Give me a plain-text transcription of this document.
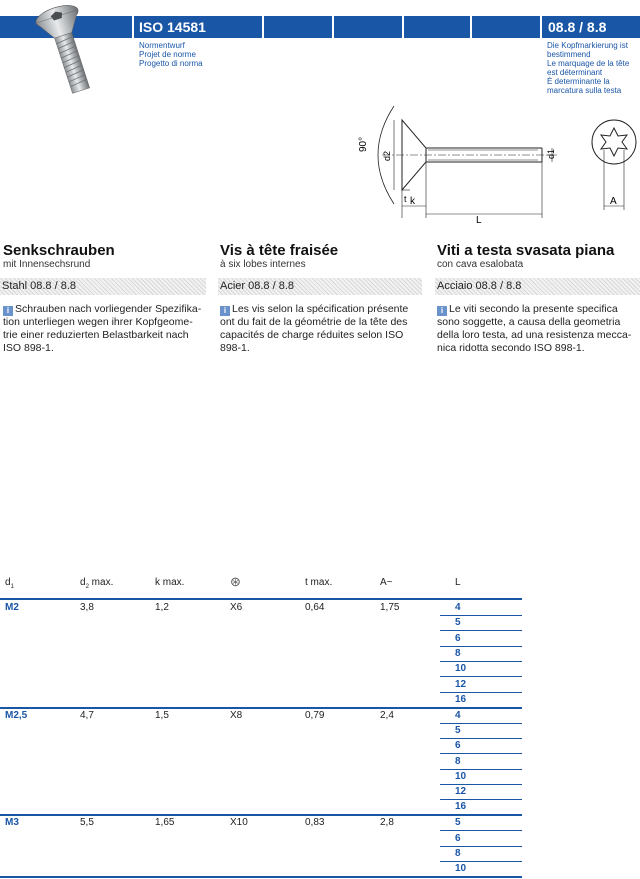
ISO 14581	08.8 / 8.8
Normentwurf
Projet de norme
Progetto di norma
Die Kopfmarkierung ist
bestimmend
Le marquage de la tête
est déterminant
È determinante la
marcatura sulla testa
90°
d2
t
d1
k
L
A
Senkschrauben
mit Innensechsrund
Stahl 08.8 / 8.8
i Schrauben nach vorliegender Spezifika-
tion unterliegen wegen ihrer Kopfgeome-
trie einer reduzierten Belastbarkeit nach
ISO 898-1.
Vis à tête fraisée
à six lobes internes
Acier 08.8 / 8.8
i Les vis selon la spécification présente
ont du fait de la géométrie de la tête des
capacités de charge réduites selon ISO
898-1.
Viti a testa svasata piana
con cava esalobata
Acciaio 08.8 / 8.8
i Le viti secondo la presente specifica
sono soggette, a causa della geometria
della loro testa, ad una resistenza mecca-
nica ridotta secondo ISO 898-1.
$d_1$	$d_2$ max.	k max.	⊛	t max.	A~	L
M2	3,8	1,2	X6	0,64	1,75	4
5
6
8
10
12
16
M2,5	4,7	1,5	X8	0,79	2,4	4
5
6
8
10
12
16
M3	5,5	1,65	X10	0,83	2,8	5
6
8
10
